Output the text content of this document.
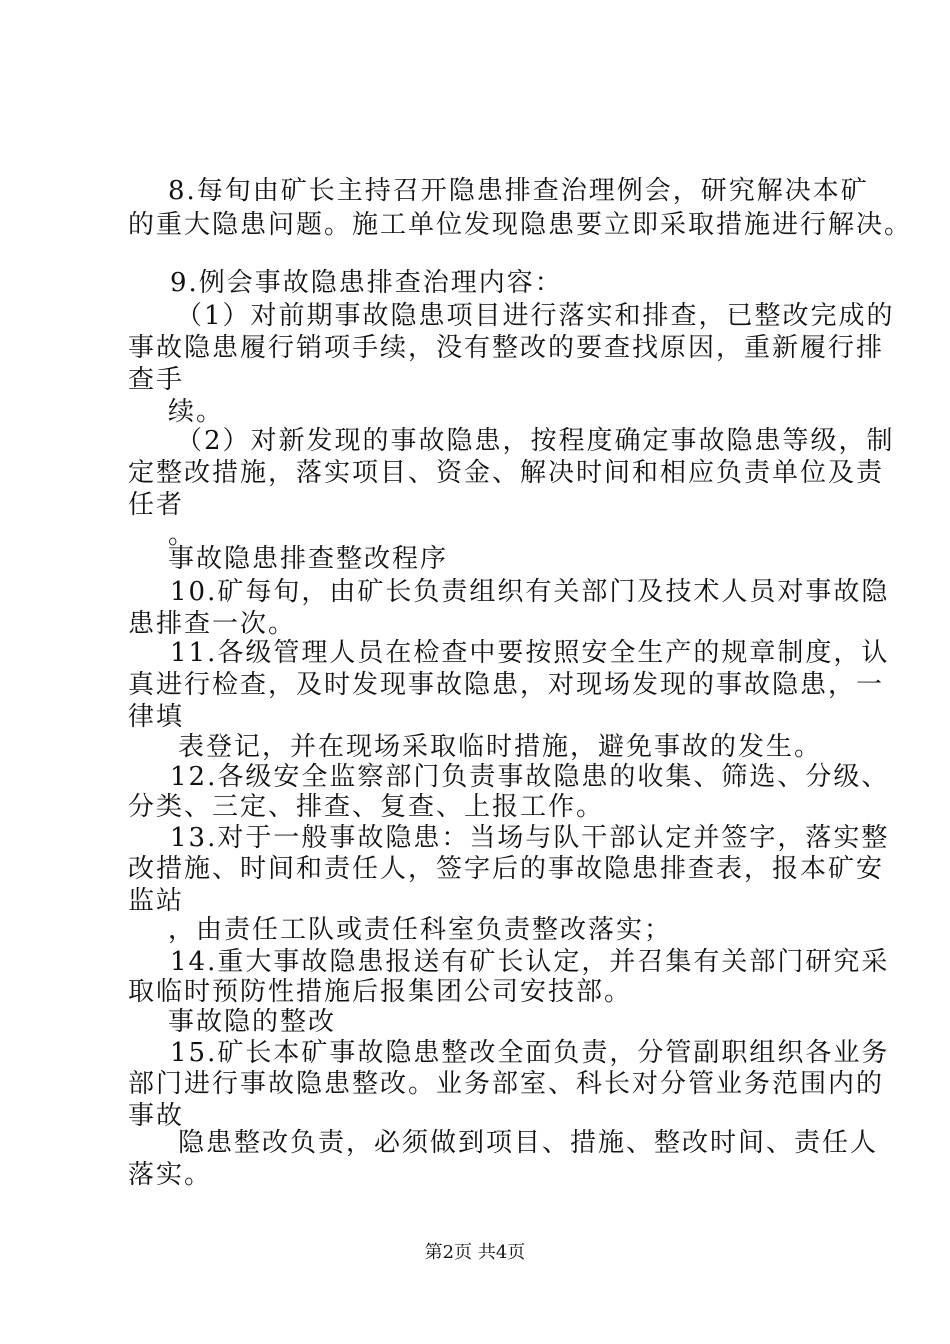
8.每旬由矿长主持召开隐患排查治理例会，研究解决本矿
的重大隐患问题。施工单位发现隐患要立即采取措施进行解决。
9.例会事故隐患排查治理内容：
（1）对前期事故隐患项目进行落实和排查，已整改完成的
事故隐患履行销项手续，没有整改的要查找原因，重新履行排
查手
续。
（2）对新发现的事故隐患，按程度确定事故隐患等级，制
定整改措施，落实项目、资金、解决时间和相应负责单位及责
任者
。
事故隐患排查整改程序
10.矿每旬，由矿长负责组织有关部门及技术人员对事故隐
患排查一次。
11.各级管理人员在检查中要按照安全生产的规章制度，认
真进行检查，及时发现事故隐患，对现场发现的事故隐患，一
律填
表登记，并在现场采取临时措施，避免事故的发生。
12.各级安全监察部门负责事故隐患的收集、筛选、分级、
分类、三定、排查、复查、上报工作。
13.对于一般事故隐患：当场与队干部认定并签字，落实整
改措施、时间和责任人，签字后的事故隐患排查表，报本矿安
监站
，由责任工队或责任科室负责整改落实；
14.重大事故隐患报送有矿长认定，并召集有关部门研究采
取临时预防性措施后报集团公司安技部。
事故隐的整改
15.矿长本矿事故隐患整改全面负责，分管副职组织各业务
部门进行事故隐患整改。业务部室、科长对分管业务范围内的
事故
隐患整改负责，必须做到项目、措施、整改时间、责任人
落实。
第2页 共4页
